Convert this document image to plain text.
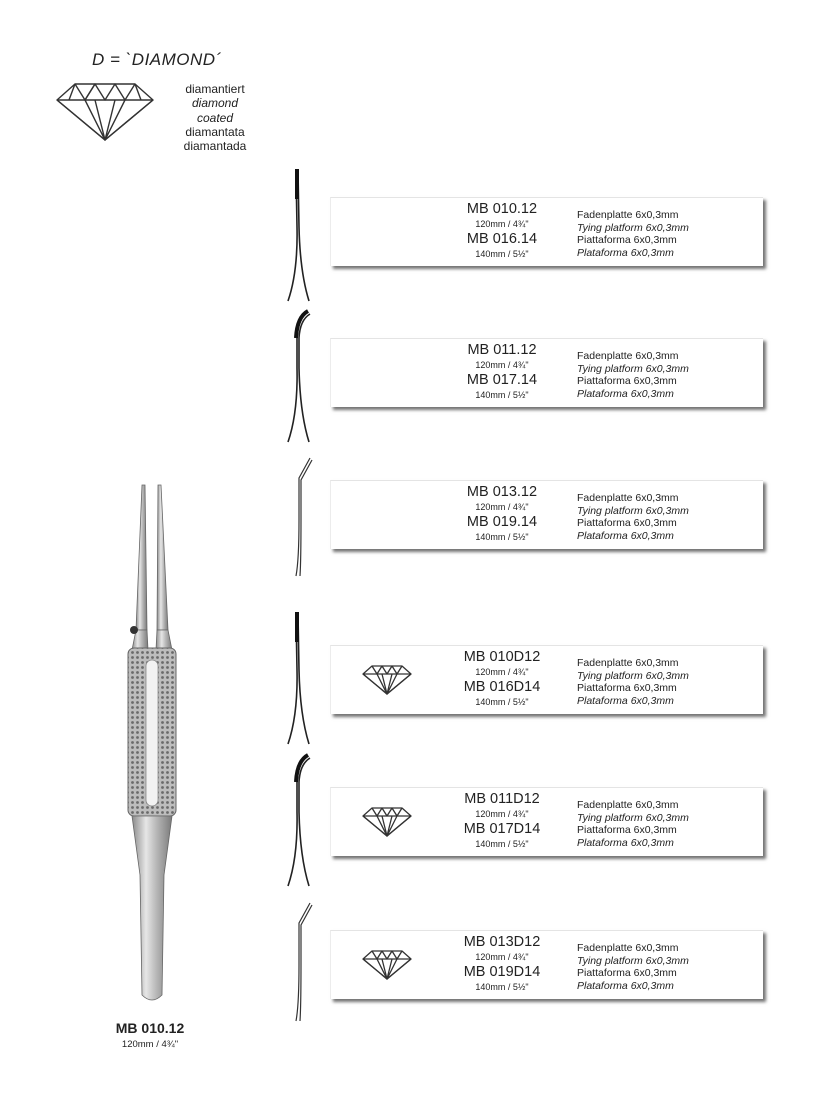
D = `DIAMOND´
diamantiert
diamond coated
diamantata
diamantada
MB 010.12
120mm / 4¾"
MB 016.14
140mm / 5½"
Fadenplatte 6x0,3mm
Tying platform 6x0,3mm
Piattaforma 6x0,3mm
Plataforma 6x0,3mm
MB 011.12
120mm / 4¾"
MB 017.14
140mm / 5½"
Fadenplatte 6x0,3mm
Tying platform 6x0,3mm
Piattaforma 6x0,3mm
Plataforma 6x0,3mm
MB 013.12
120mm / 4¾"
MB 019.14
140mm / 5½"
Fadenplatte 6x0,3mm
Tying platform 6x0,3mm
Piattaforma 6x0,3mm
Plataforma 6x0,3mm
MB 010D12
120mm / 4¾"
MB 016D14
140mm / 5½"
Fadenplatte 6x0,3mm
Tying platform 6x0,3mm
Piattaforma 6x0,3mm
Plataforma 6x0,3mm
MB 011D12
120mm / 4¾"
MB 017D14
140mm / 5½"
Fadenplatte 6x0,3mm
Tying platform 6x0,3mm
Piattaforma 6x0,3mm
Plataforma 6x0,3mm
MB 013D12
120mm / 4¾"
MB 019D14
140mm / 5½"
Fadenplatte 6x0,3mm
Tying platform 6x0,3mm
Piattaforma 6x0,3mm
Plataforma 6x0,3mm
MB 010.12
120mm / 4¾"
